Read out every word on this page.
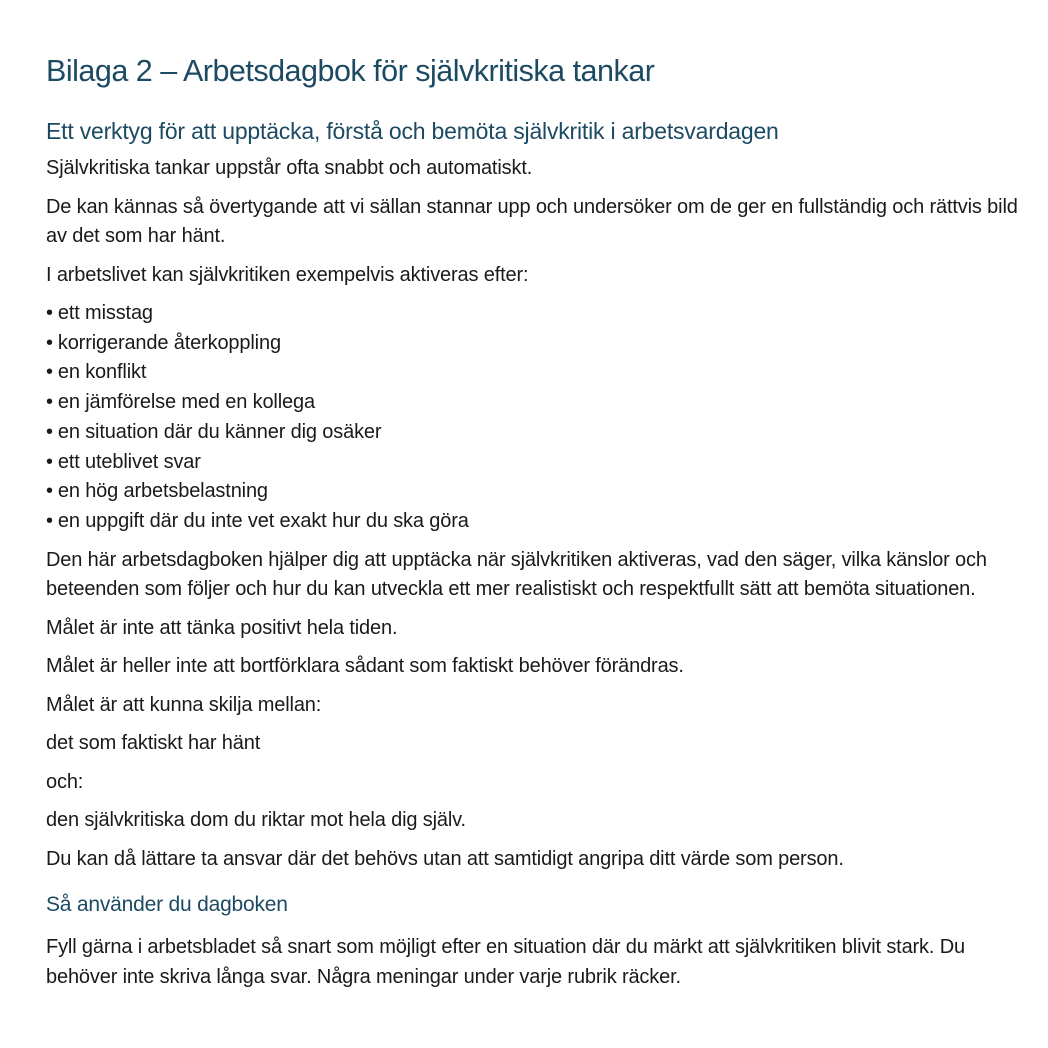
Bilaga 2 – Arbetsdagbok för självkritiska tankar
Ett verktyg för att upptäcka, förstå och bemöta självkritik i arbetsvardagen

Självkritiska tankar uppstår ofta snabbt och automatiskt.

De kan kännas så övertygande att vi sällan stannar upp och undersöker om de ger en fullständig och rättvis bild av det som har hänt.

I arbetslivet kan självkritiken exempelvis aktiveras efter:

• ett misstag
• korrigerande återkoppling
• en konflikt
• en jämförelse med en kollega
• en situation där du känner dig osäker
• ett uteblivet svar
• en hög arbetsbelastning
• en uppgift där du inte vet exakt hur du ska göra

Den här arbetsdagboken hjälper dig att upptäcka när självkritiken aktiveras, vad den säger, vilka känslor och beteenden som följer och hur du kan utveckla ett mer realistiskt och respektfullt sätt att bemöta situationen.

Målet är inte att tänka positivt hela tiden.

Målet är heller inte att bortförklara sådant som faktiskt behöver förändras.

Målet är att kunna skilja mellan:

det som faktiskt har hänt

och:

den självkritiska dom du riktar mot hela dig själv.

Du kan då lättare ta ansvar där det behövs utan att samtidigt angripa ditt värde som person.

Så använder du dagboken

Fyll gärna i arbetsbladet så snart som möjligt efter en situation där du märkt att självkritiken blivit stark. Du behöver inte skriva långa svar. Några meningar under varje rubrik räcker.
